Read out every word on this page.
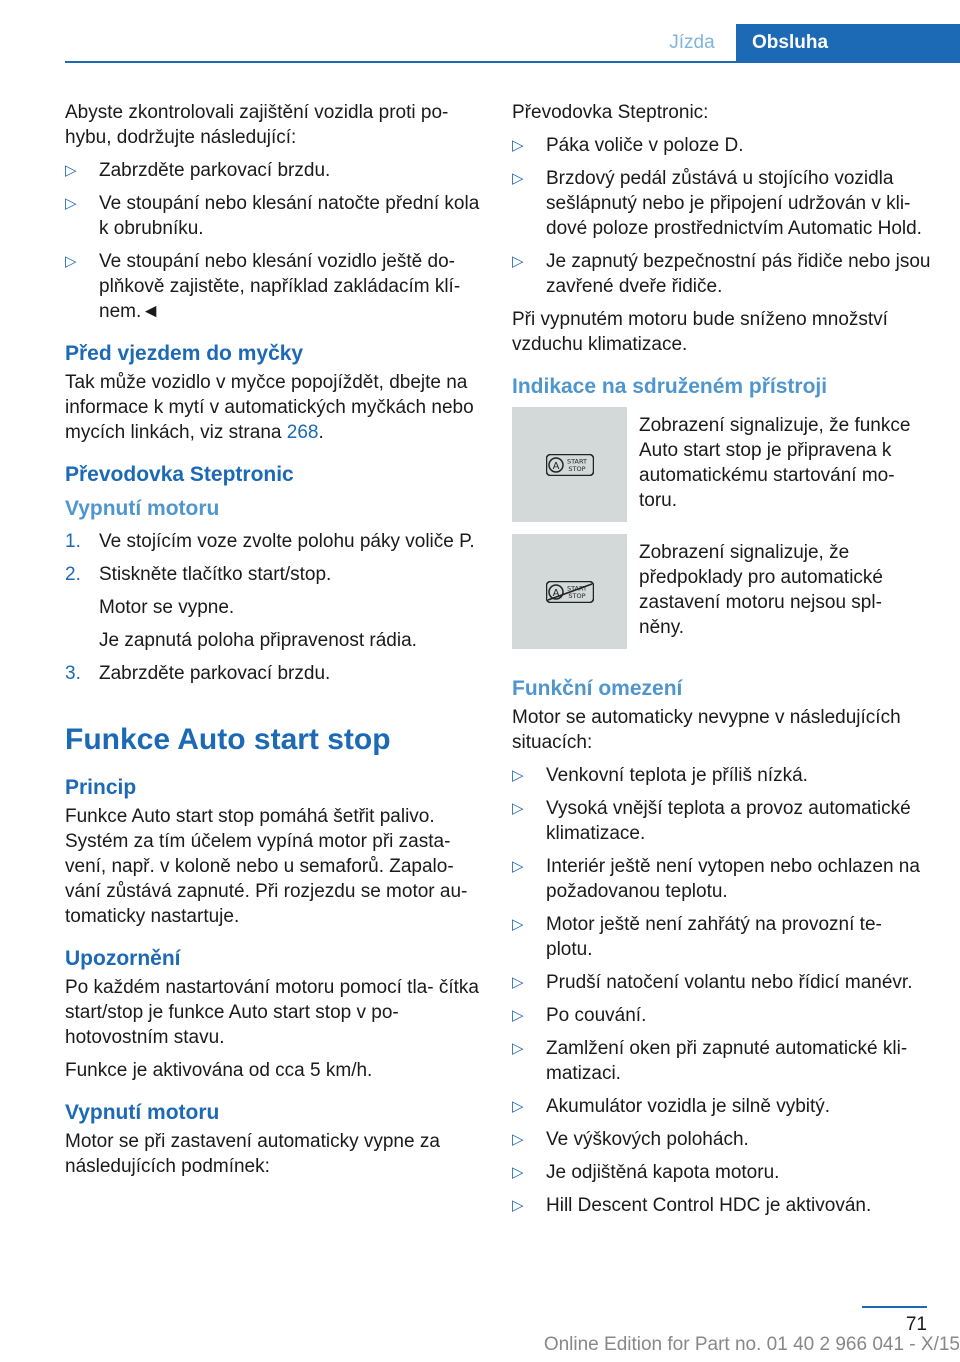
Jízda	Obsluha

Abyste zkontrolovali zajištění vozidla proti po- hybu, dodržujte následující:

▷ Zabrzděte parkovací brzdu.
▷ Ve stoupání nebo klesání natočte přední kola k obrubníku.
▷ Ve stoupání nebo klesání vozidlo ještě do- plňkově zajistěte, například zakládacím klí- nem.◄
Před vjezdem do myčky

Tak může vozidlo v myčce popojíždět, dbejte na informace k mytí v automatických myčkách nebo mycích linkách, viz strana 268.

Převodovka Steptronic
Vypnutí motoru
1. Ve stojícím voze zvolte polohu páky voliče P.
2. Stiskněte tlačítko start/stop.
Motor se vypne.
Je zapnutá poloha připravenost rádia.
3. Zabrzděte parkovací brzdu.
Funkce Auto start stop
Princip

Funkce Auto start stop pomáhá šetřit palivo. Systém za tím účelem vypíná motor při zasta- vení, např. v koloně nebo u semaforů. Zapalo- vání zůstává zapnuté. Při rozjezdu se motor au- tomaticky nastartuje.

Upozornění

Po každém nastartování motoru pomocí tla- čítka start/stop je funkce Auto start stop v po- hotovostním stavu.

Funkce je aktivována od cca 5 km/h.

Vypnutí motoru

Motor se při zastavení automaticky vypne za následujících podmínek:

Převodovka Steptronic:

▷ Páka voliče v poloze D.
▷ Brzdový pedál zůstává u stojícího vozidla sešlápnutý nebo je připojení udržován v kli- dové poloze prostřednictvím Automatic Hold.
▷ Je zapnutý bezpečnostní pás řidiče nebo jsou zavřené dveře řidiče.

Při vypnutém motoru bude sníženo množství vzduchu klimatizace.

Indikace na sdruženém přístroji
A START
STOP
Zobrazení signalizuje, že funkce Auto start stop je připravena k automatickému startování mo- toru.
A START
STOP
Zobrazení signalizuje, že předpoklady pro automatické zastavení motoru nejsou spl- něny.
Funkční omezení

Motor se automaticky nevypne v následujících situacích:

▷ Venkovní teplota je příliš nízká.
▷ Vysoká vnější teplota a provoz automatické klimatizace.
▷ Interiér ještě není vytopen nebo ochlazen na požadovanou teplotu.
▷ Motor ještě není zahřátý na provozní te- plotu.
▷ Prudší natočení volantu nebo řídicí manévr.
▷ Po couvání.
▷ Zamlžení oken při zapnuté automatické kli- matizaci.
▷ Akumulátor vozidla je silně vybitý.
▷ Ve výškových polohách.
▷ Je odjištěná kapota motoru.
▷ Hill Descent Control HDC je aktivován.
71
Online Edition for Part no. 01 40 2 966 041 - X/15
